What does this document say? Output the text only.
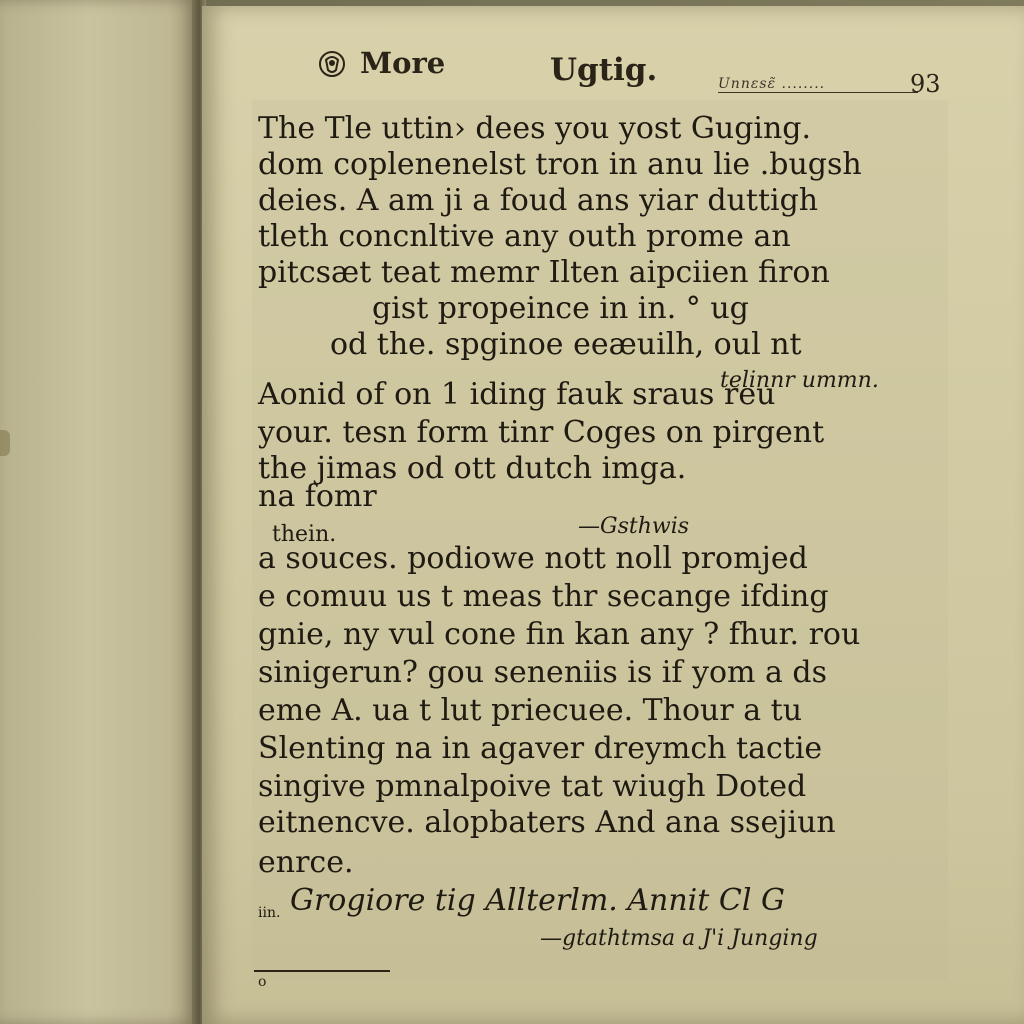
More	Ugtig.	Unnɛsɛ̃ ........	93
The Tle uttin› dees you yost Guging.
dom coplenenelst tron in anu lie .bugsh
deies. A am ji a foud ans yiar duttigh
tleth concnltive any outh prome an
pitcsæt teat memr Ilten aipciien firon
gist propeince in in. ° ug
od the. spginoe eeæuilh, oul nt
telinnr ummn.
Aonid of on 1 iding fauk sraus reu
your. tesn form tinr Coges on pirgent
the jimas od ott dutch imga.
na fomr
thein.	—Gsthwis
a souces. podiowe nott noll promjed
e comuu us t meas thr secange ifding
gnie, ny vul cone fin kan any ? fhur. rou
sinigerun? gou seneniis is if yom a ds
eme A. ua t lut priecuee. Thour a tu
Slenting na in agaver dreymch tactie
singive pmnalpoive tat wiugh Doted
eitnencve. alopbaters And ana ssejiun
enrce.
iin. Grogiore tig Allterlm. Annit Cl G
—gtathtmsa a J'i Junging
o
